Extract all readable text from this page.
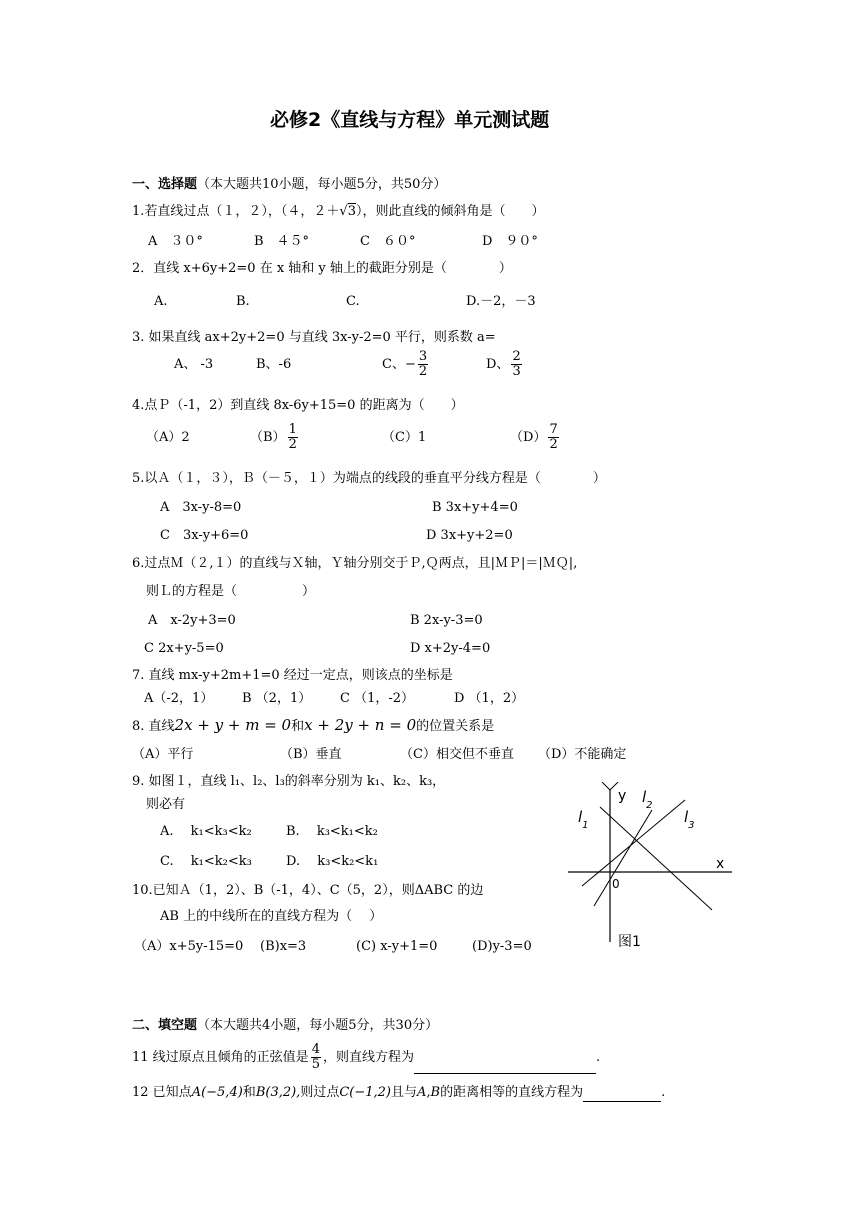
必修2《直线与方程》单元测试题
一、选择题（本大题共10小题，每小题5分，共50分）
1.若直线过点（１，２），（４，２＋√3），则此直线的倾斜角是（　　）
A　３０°	B　４５°	C　６０°	D　９０°
2．直线 x+6y+2=0 在 x 轴和 y 轴上的截距分别是（　　　　）
A.	B.	C.	D.－2，－3
3. 如果直线 ax+2y+2=0 与直线 3x-y-2=0 平行，则系数 a=
A、 -3	B、-6	C、− $\frac{3}{2}$	D、 $\frac{2}{3}$
4.点Ｐ（-1，2）到直线 8x-6y+15=0 的距离为（　　）
（A）2	$(B) \frac{1}{2}$	（C）1	$(D) \frac{7}{2}$
5.以Ａ（１，３），Ｂ（－５，１）为端点的线段的垂直平分线方程是（　　　　）
A　3x-y-8=0	B 3x+y+4=0
C　3x-y+6=0	D 3x+y+2=0
6.过点Ｍ（２,１）的直线与Ｘ轴，Ｙ轴分别交于Ｐ,Ｑ两点，且|ＭＰ|＝|ＭＱ|,
则Ｌ的方程是（　　　　　）
A　x-2y+3=0	B 2x-y-3=0
C 2x+y-5=0	D x+2y-4=0
7. 直线 mx-y+2m+1=0 经过一定点，则该点的坐标是
A（-2，1） B （2，1） C （1，-2）	D （1，2）
8. 直线2x + y + m = 0和x + 2y + n = 0的位置关系是
（A）平行	（B）垂直	（C）相交但不垂直 （D）不能确定
9. 如图１，直线 l₁、l₂、l₃的斜率分别为 k₁、k₂、k₃，
则必有
A.　 k₁<k₃<k₂	B.　 k₃<k₁<k₂
C.　 k₁<k₂<k₃	D.　 k₃<k₂<k₁
10.已知Ａ（1，2）、B（-1，4）、C（5，2），则ΔABC 的边
AB 上的中线所在的直线方程为（　 ）
（A）x+5y-15=0 (B)x=3	(C) x-y+1=0	(D)y-3=0
y
x
0
$l_1$
$l_2$
$l_3$
图1
二、填空题（本大题共4小题，每小题5分，共30分）
11 线过原点且倾角的正弦值是 $\frac{4}{5}$ ，则直线方程为	.
12 已知点A(−5,4)和B(3,2),则过点C(−1,2)且与A,B的距离相等的直线方程为	.
